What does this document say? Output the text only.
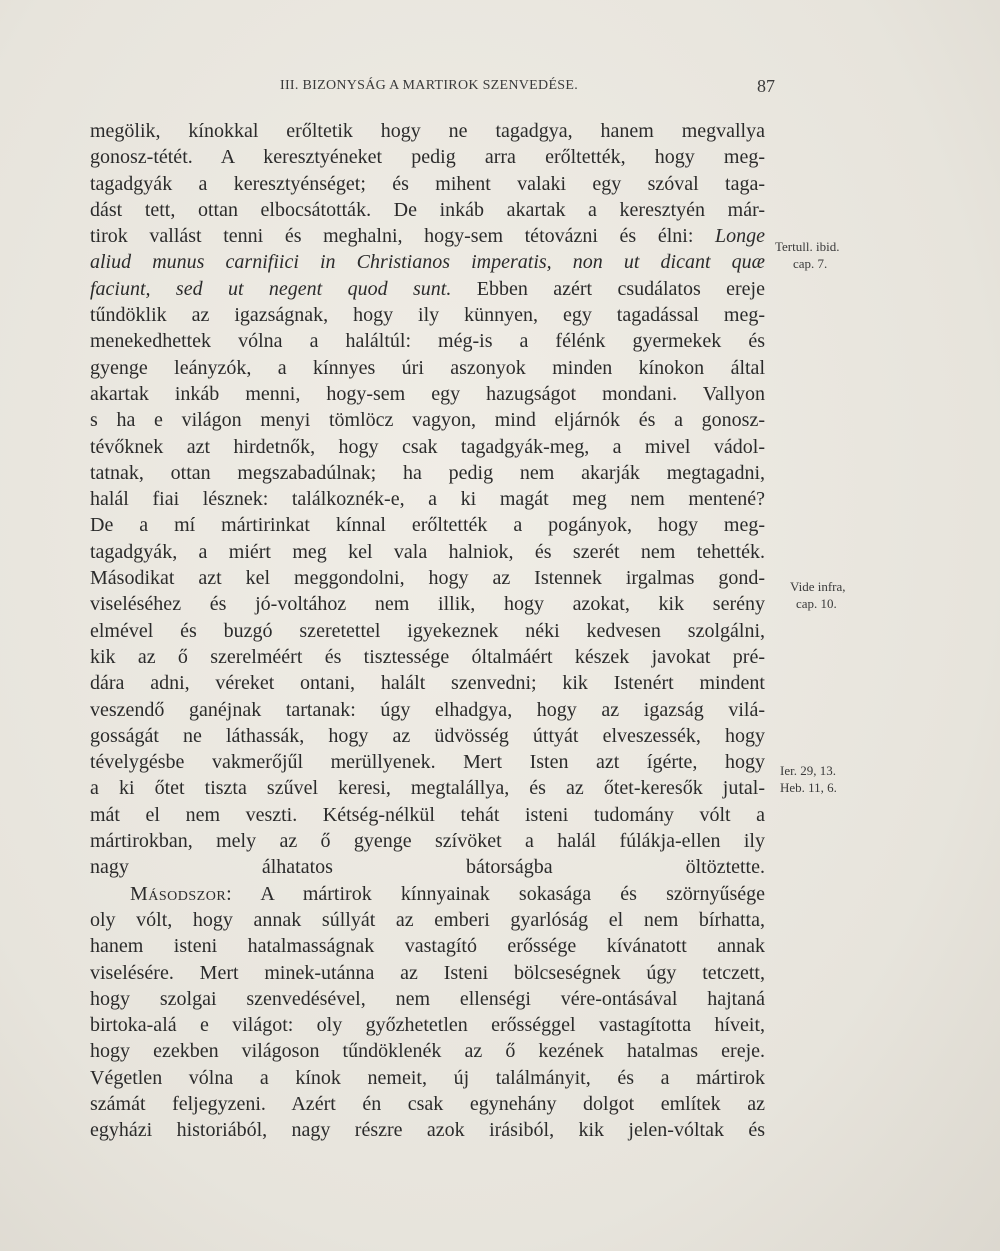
III. BIZONYSÁG A MARTIROK SZENVEDÉSE.	87
megölik, kínokkal erőltetik hogy ne tagadgya, hanem megvallya
gonosz-tétét. A keresztyéneket pedig arra erőltették, hogy meg-
tagadgyák a keresztyénséget; és mihent valaki egy szóval taga-
dást tett, ottan elbocsátották. De inkáb akartak a keresztyén már-
tirok vallást tenni és meghalni, hogy-sem tétovázni és élni: Longe
aliud munus carnifiici in Christianos imperatis, non ut dicant quæ
faciunt, sed ut negent quod sunt. Ebben azért csudálatos ereje
tűndöklik az igazságnak, hogy ily künnyen, egy tagadással meg-
menekedhettek vólna a haláltúl: még-is a félénk gyermekek és
gyenge leányzók, a kínnyes úri aszonyok minden kínokon által
akartak inkáb menni, hogy-sem egy hazugságot mondani. Vallyon
s ha e világon menyi tömlöcz vagyon, mind eljárnók és a gonosz-
tévőknek azt hirdetnők, hogy csak tagadgyák-meg, a mivel vádol-
tatnak, ottan megszabadúlnak; ha pedig nem akarják megtagadni,
halál fiai lésznek: találkoznék-e, a ki magát meg nem mentené?
De a mí mártirinkat kínnal erőltették a pogányok, hogy meg-
tagadgyák, a miért meg kel vala halniok, és szerét nem tehették.
Másodikat azt kel meggondolni, hogy az Istennek irgalmas gond-
viseléséhez és jó-voltához nem illik, hogy azokat, kik serény
elmével és buzgó szeretettel igyekeznek néki kedvesen szolgálni,
kik az ő szerelméért és tisztessége óltalmáért készek javokat pré-
dára adni, véreket ontani, halált szenvedni; kik Istenért mindent
veszendő ganéjnak tartanak: úgy elhadgya, hogy az igazság vilá-
gosságát ne láthassák, hogy az üdvösség úttyát elveszessék, hogy
tévelygésbe vakmerőjűl merüllyenek. Mert Isten azt ígérte, hogy
a ki őtet tiszta szűvel keresi, megtalállya, és az őtet-keresők jutal-
mát el nem veszti. Kétség-nélkül tehát isteni tudomány vólt a
mártirokban, mely az ő gyenge szívöket a halál fúlákja-ellen ily
nagy álhatatos bátorságba öltöztette.
Másodszor: A mártirok kínnyainak sokasága és szörnyűsége
oly vólt, hogy annak súllyát az emberi gyarlóság el nem bírhatta,
hanem isteni hatalmasságnak vastagító erőssége kívánatott annak
viselésére. Mert minek-utánna az Isteni bölcseségnek úgy tetczett,
hogy szolgai szenvedésével, nem ellenségi vére-ontásával hajtaná
birtoka-alá e világot: oly győzhetetlen erősséggel vastagította híveit,
hogy ezekben világoson tűndöklenék az ő kezének hatalmas ereje.
Végetlen vólna a kínok nemeit, új találmányit, és a mártirok
számát feljegyzeni. Azért én csak egynehány dolgot említek az
egyházi historiából, nagy részre azok irásiból, kik jelen-vóltak és
Tertull. ibid.
cap. 7.
Vide infra,
cap. 10.
Ier. 29, 13.
Heb. 11, 6.
